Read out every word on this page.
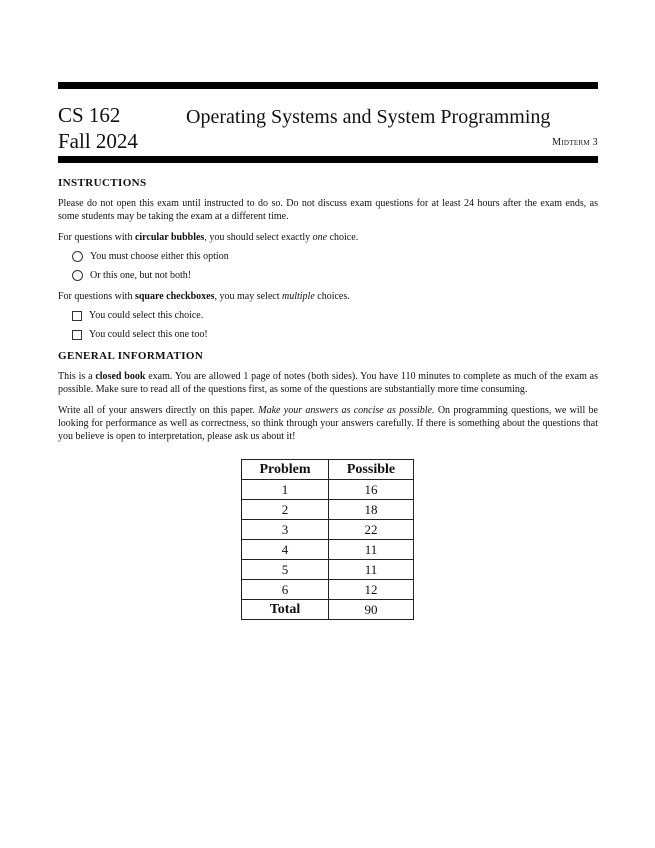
CS 162	Operating Systems and System Programming
Fall 2024	Midterm 3
INSTRUCTIONS
Please do not open this exam until instructed to do so. Do not discuss exam questions for at least 24 hours after the exam ends, as some students may be taking the exam at a different time.
For questions with circular bubbles, you should select exactly one choice.
You must choose either this option
Or this one, but not both!
For questions with square checkboxes, you may select multiple choices.
You could select this choice.
You could select this one too!
GENERAL INFORMATION
This is a closed book exam. You are allowed 1 page of notes (both sides). You have 110 minutes to complete as much of the exam as possible. Make sure to read all of the questions first, as some of the questions are substantially more time consuming.
Write all of your answers directly on this paper. Make your answers as concise as possible. On programming questions, we will be looking for performance as well as correctness, so think through your answers carefully. If there is something about the questions that you believe is open to interpretation, please ask us about it!
Problem	Possible
1	16
2	18
3	22
4	11
5	11
6	12
Total	90
